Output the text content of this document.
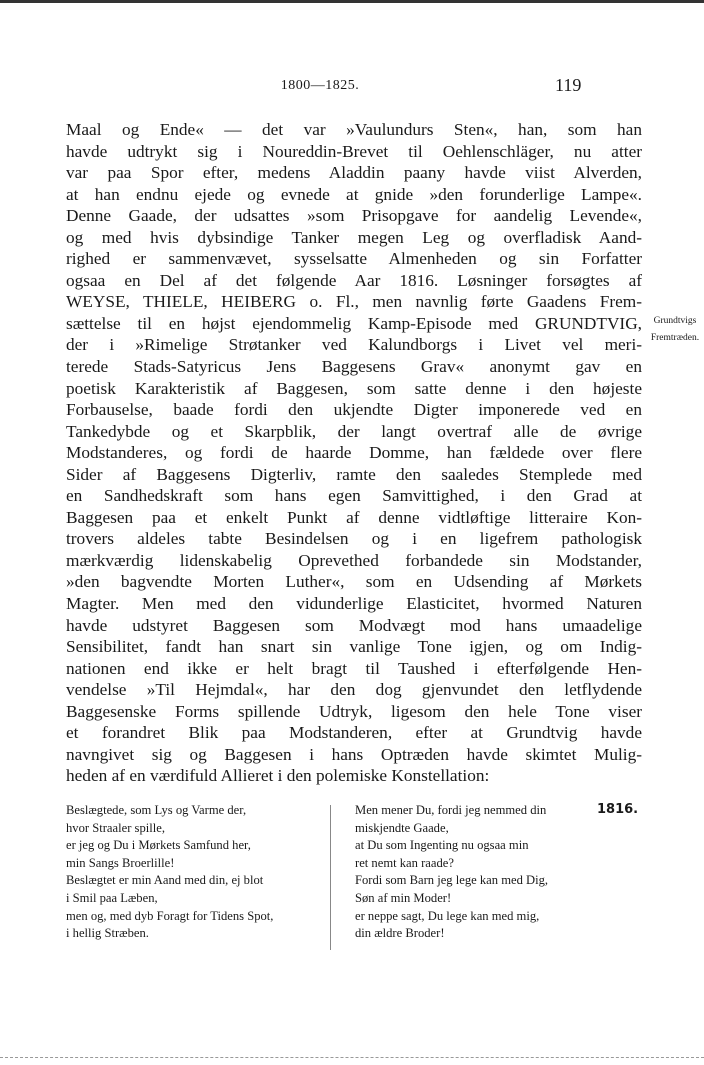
1800—1825.	119
Maal og Ende« — det var »Vaulundurs Sten«, han, som han
havde udtrykt sig i Noureddin-Brevet til Oehlenschläger, nu atter
var paa Spor efter, medens Aladdin paany havde viist Alverden,
at han endnu ejede og evnede at gnide »den forunderlige Lampe«.
Denne Gaade, der udsattes »som Prisopgave for aandelig Levende«,
og med hvis dybsindige Tanker megen Leg og overfladisk Aand-
righed er sammenvævet, sysselsatte Almenheden og sin Forfatter
ogsaa en Del af det følgende Aar 1816. Løsninger forsøgtes af
WEYSE, THIELE, HEIBERG o. Fl., men navnlig førte Gaadens Frem-
sættelse til en højst ejendommelig Kamp-Episode med GRUNDTVIG,
der i »Rimelige Strøtanker ved Kalundborgs i Livet vel meri-
terede Stads-Satyricus Jens Baggesens Grav« anonymt gav en
poetisk Karakteristik af Baggesen, som satte denne i den højeste
Forbauselse, baade fordi den ukjendte Digter imponerede ved en
Tankedybde og et Skarpblik, der langt overtraf alle de øvrige
Modstanderes, og fordi de haarde Domme, han fældede over flere
Sider af Baggesens Digterliv, ramte den saaledes Stemplede med
en Sandhedskraft som hans egen Samvittighed, i den Grad at
Baggesen paa et enkelt Punkt af denne vidtløftige litteraire Kon-
trovers aldeles tabte Besindelsen og i en ligefrem pathologisk
mærkværdig lidenskabelig Oprevethed forbandede sin Modstander,
»den bagvendte Morten Luther«, som en Udsending af Mørkets
Magter. Men med den vidunderlige Elasticitet, hvormed Naturen
havde udstyret Baggesen som Modvægt mod hans umaadelige
Sensibilitet, fandt han snart sin vanlige Tone igjen, og om Indig-
nationen end ikke er helt bragt til Taushed i efterfølgende Hen-
vendelse »Til Hejmdal«, har den dog gjenvundet den letflydende
Baggesenske Forms spillende Udtryk, ligesom den hele Tone viser
et forandret Blik paa Modstanderen, efter at Grundtvig havde
navngivet sig og Baggesen i hans Optræden havde skimtet Mulig-
heden af en værdifuld Allieret i den polemiske Konstellation:
Grundtvigs
Fremtræden.
Beslægtede, som Lys og Varme der,
hvor Straaler spille,
er jeg og Du i Mørkets Samfund her,
min Sangs Broerlille!
Beslægtet er min Aand med din, ej blot
i Smil paa Læben,
men og, med dyb Foragt for Tidens Spot,
i hellig Stræben.
Men mener Du, fordi jeg nemmed din
miskjendte Gaade,
at Du som Ingenting nu ogsaa min
ret nemt kan raade?
Fordi som Barn jeg lege kan med Dig,
Søn af min Moder!
er neppe sagt, Du lege kan med mig,
din ældre Broder!
1816.
